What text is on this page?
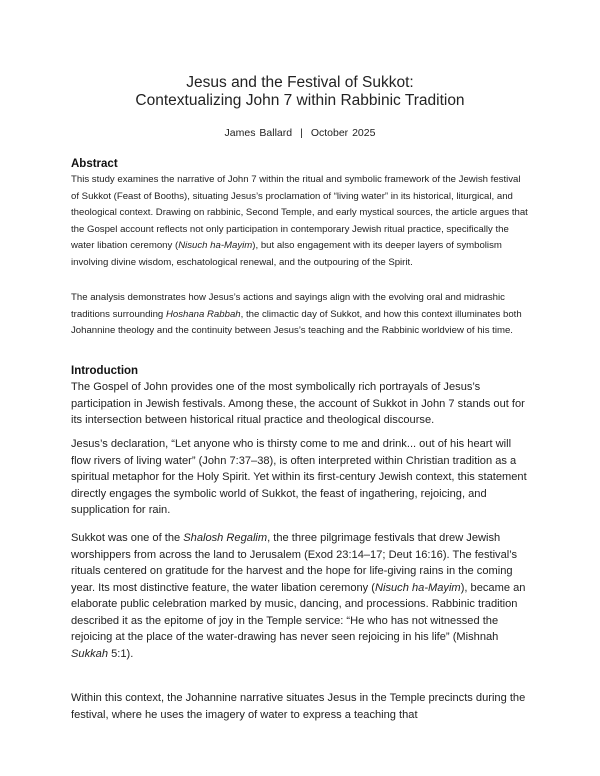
Jesus and the Festival of Sukkot:
Contextualizing John 7 within Rabbinic Tradition
James Ballard | October 2025
Abstract

This study examines the narrative of John 7 within the ritual and symbolic framework of the Jewish festival of Sukkot (Feast of Booths), situating Jesus’s proclamation of “living water” in its historical, liturgical, and theological context. Drawing on rabbinic, Second Temple, and early mystical sources, the article argues that the Gospel account reflects not only participation in contemporary Jewish ritual practice, specifically the water libation ceremony (Nisuch ha-Mayim), but also engagement with its deeper layers of symbolism involving divine wisdom, eschatological renewal, and the outpouring of the Spirit.

The analysis demonstrates how Jesus’s actions and sayings align with the evolving oral and midrashic traditions surrounding Hoshana Rabbah, the climactic day of Sukkot, and how this context illuminates both Johannine theology and the continuity between Jesus’s teaching and the Rabbinic worldview of his time.

Introduction

The Gospel of John provides one of the most symbolically rich portrayals of Jesus’s participation in Jewish festivals. Among these, the account of Sukkot in John 7 stands out for its intersection between historical ritual practice and theological discourse.

Jesus’s declaration, “Let anyone who is thirsty come to me and drink... out of his heart will flow rivers of living water” (John 7:37–38), is often interpreted within Christian tradition as a spiritual metaphor for the Holy Spirit. Yet within its first-century Jewish context, this statement directly engages the symbolic world of Sukkot, the feast of ingathering, rejoicing, and supplication for rain.

Sukkot was one of the Shalosh Regalim, the three pilgrimage festivals that drew Jewish worshippers from across the land to Jerusalem (Exod 23:14–17; Deut 16:16). The festival’s rituals centered on gratitude for the harvest and the hope for life-giving rains in the coming year. Its most distinctive feature, the water libation ceremony (Nisuch ha-Mayim), became an elaborate public celebration marked by music, dancing, and processions. Rabbinic tradition described it as the epitome of joy in the Temple service: “He who has not witnessed the rejoicing at the place of the water-drawing has never seen rejoicing in his life” (Mishnah Sukkah 5:1).

Within this context, the Johannine narrative situates Jesus in the Temple precincts during the festival, where he uses the imagery of water to express a teaching that
